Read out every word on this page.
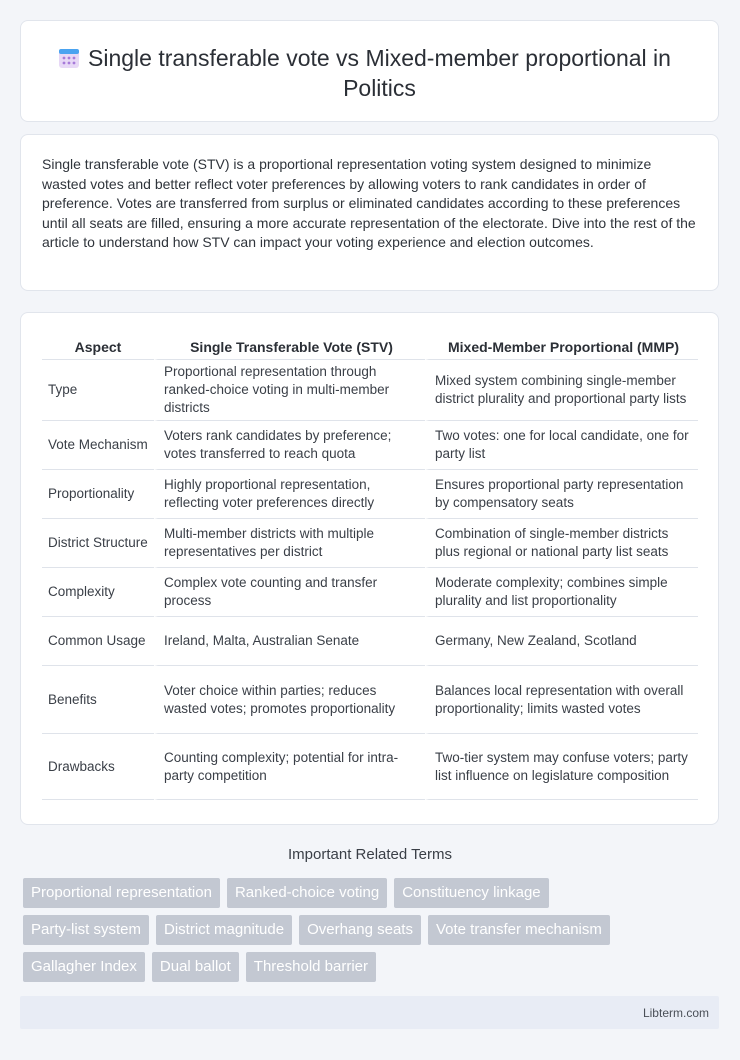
Single transferable vote vs Mixed-member proportional in Politics

Single transferable vote (STV) is a proportional representation voting system designed to minimize wasted votes and better reflect voter preferences by allowing voters to rank candidates in order of preference. Votes are transferred from surplus or eliminated candidates according to these preferences until all seats are filled, ensuring a more accurate representation of the electorate. Dive into the rest of the article to understand how STV can impact your voting experience and election outcomes.

Aspect	Single Transferable Vote (STV)	Mixed-Member Proportional (MMP)
Type	Proportional representation through ranked-choice voting in multi-member districts	Mixed system combining single-member district plurality and proportional party lists
Vote Mechanism	Voters rank candidates by preference; votes transferred to reach quota	Two votes: one for local candidate, one for party list
Proportionality	Highly proportional representation, reflecting voter preferences directly	Ensures proportional party representation by compensatory seats
District Structure	Multi-member districts with multiple representatives per district	Combination of single-member districts plus regional or national party list seats
Complexity	Complex vote counting and transfer process	Moderate complexity; combines simple plurality and list proportionality
Common Usage	Ireland, Malta, Australian Senate	Germany, New Zealand, Scotland
Benefits	Voter choice within parties; reduces wasted votes; promotes proportionality	Balances local representation with overall proportionality; limits wasted votes
Drawbacks	Counting complexity; potential for intra-party competition	Two-tier system may confuse voters; party list influence on legislature composition
Important Related Terms
Proportional representation	Ranked-choice voting	Constituency linkage
Party-list system	District magnitude	Overhang seats	Vote transfer mechanism
Gallagher Index	Dual ballot	Threshold barrier
Libterm.com
